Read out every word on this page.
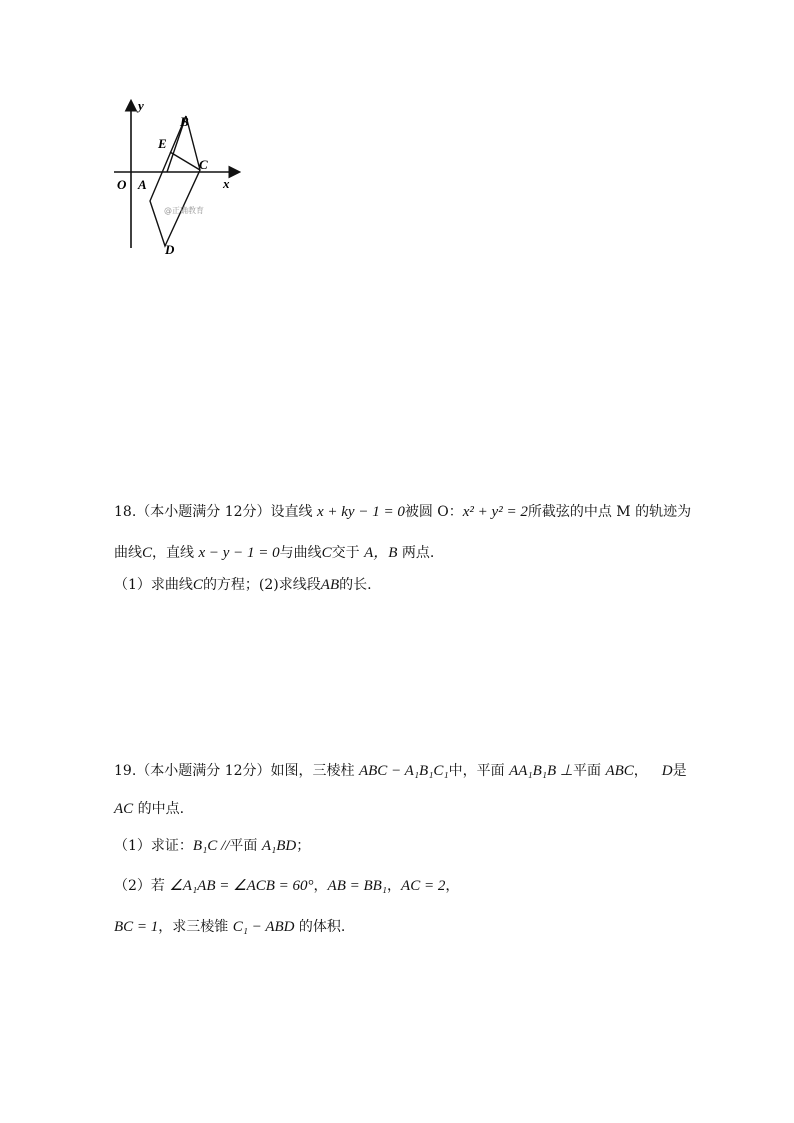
y
x
O A
B
C
D
E
@正确教育
18.（本小题满分 12分）设直线 x + ky − 1 = 0被圆 O：x² + y² = 2所截弦的中点 M 的轨迹为
曲线C，直线 x − y − 1 = 0与曲线C交于 A，B 两点.
（1）求曲线C的方程；(2)求线段AB的长.
19.（本小题满分 12分）如图，三棱柱 ABC − A₁B₁C₁中，平面 AA₁B₁B ⊥平面 ABC， D是
AC 的中点.
（1）求证：B₁C //平面 A₁BD；
（2）若 ∠A₁AB = ∠ACB = 60°，AB = BB₁，AC = 2，
BC = 1，求三棱锥 C₁ − ABD 的体积.
